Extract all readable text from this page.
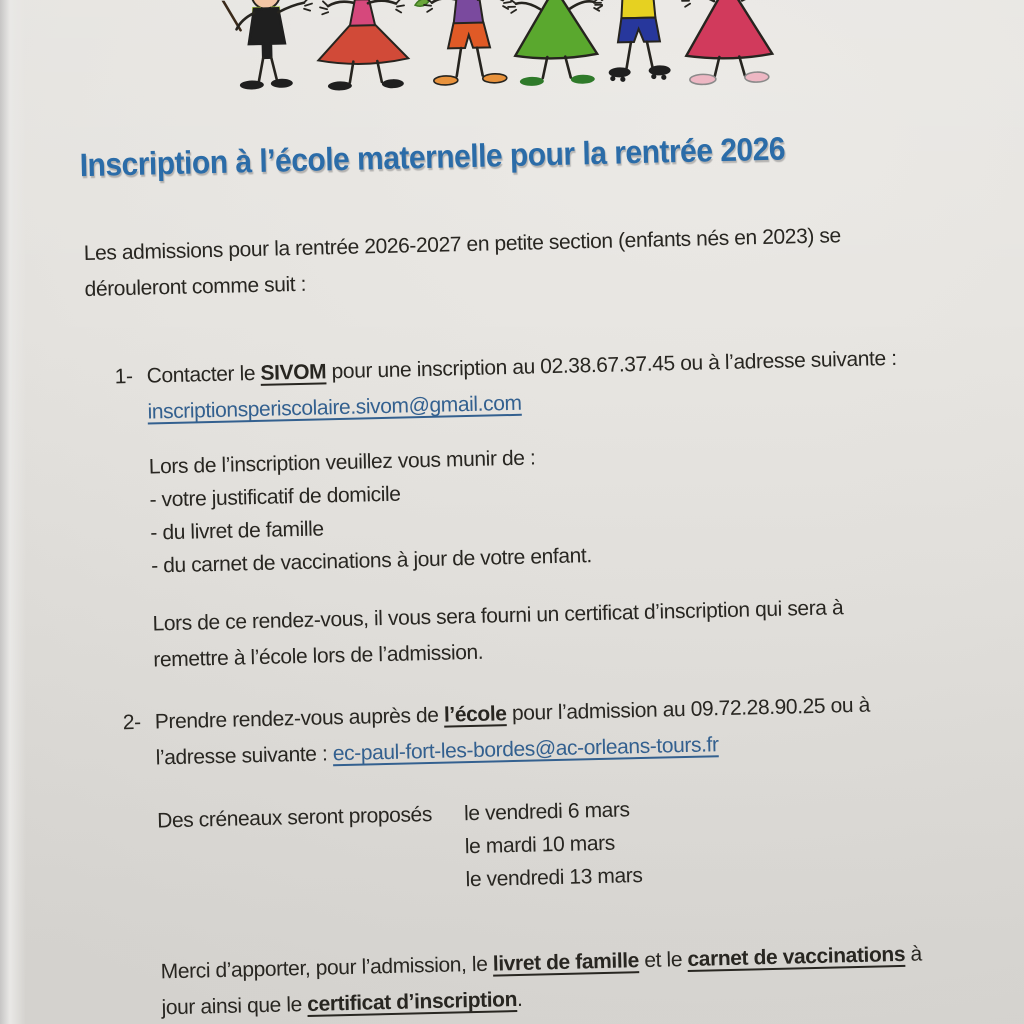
Inscription à l’école maternelle pour la rentrée 2026
Les admissions pour la rentrée 2026-2027 en petite section (enfants nés en 2023) se
dérouleront comme suit :
1- Contacter le SIVOM pour une inscription au 02.38.67.37.45 ou à l’adresse suivante :
inscriptionsperiscolaire.sivom@gmail.com
Lors de l’inscription veuillez vous munir de :
- votre justificatif de domicile
- du livret de famille
- du carnet de vaccinations à jour de votre enfant.
Lors de ce rendez-vous, il vous sera fourni un certificat d’inscription qui sera à
remettre à l’école lors de l’admission.
2- Prendre rendez-vous auprès de l’école pour l’admission au 09.72.28.90.25 ou à
l’adresse suivante : ec-paul-fort-les-bordes@ac-orleans-tours.fr
Des créneaux seront proposés	le vendredi 6 mars
le mardi 10 mars
le vendredi 13 mars
Merci d’apporter, pour l’admission, le livret de famille et le carnet de vaccinations à
jour ainsi que le certificat d’inscription.
